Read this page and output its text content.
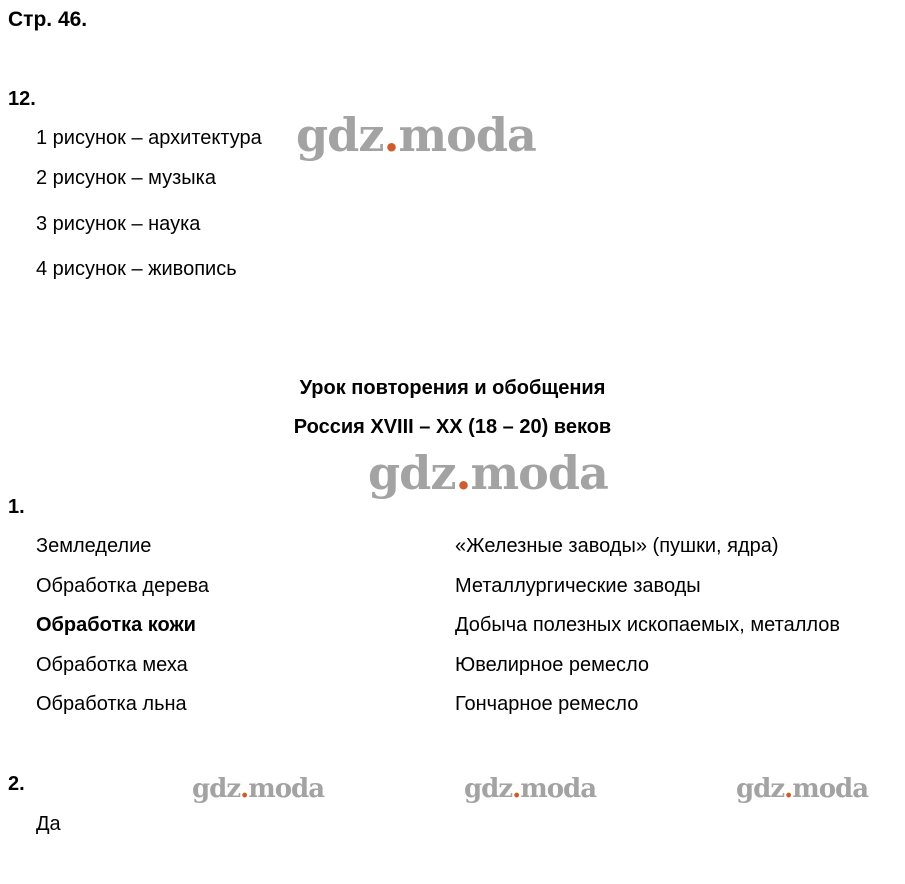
Стр. 46.
12.
1 рисунок – архитектура
2 рисунок – музыка
3 рисунок – наука
4 рисунок – живопись
Урок повторения и обобщения
Россия XVIII – XX (18 – 20) веков
1.
Земледелие
Обработка дерева
Обработка кожи
Обработка меха
Обработка льна
«Железные заводы» (пушки, ядра)
Металлургические заводы
Добыча полезных ископаемых, металлов
Ювелирное ремесло
Гончарное ремесло
2.
Да
gdz.moda
gdz.moda
gdz.moda	gdz.moda	gdz.moda
